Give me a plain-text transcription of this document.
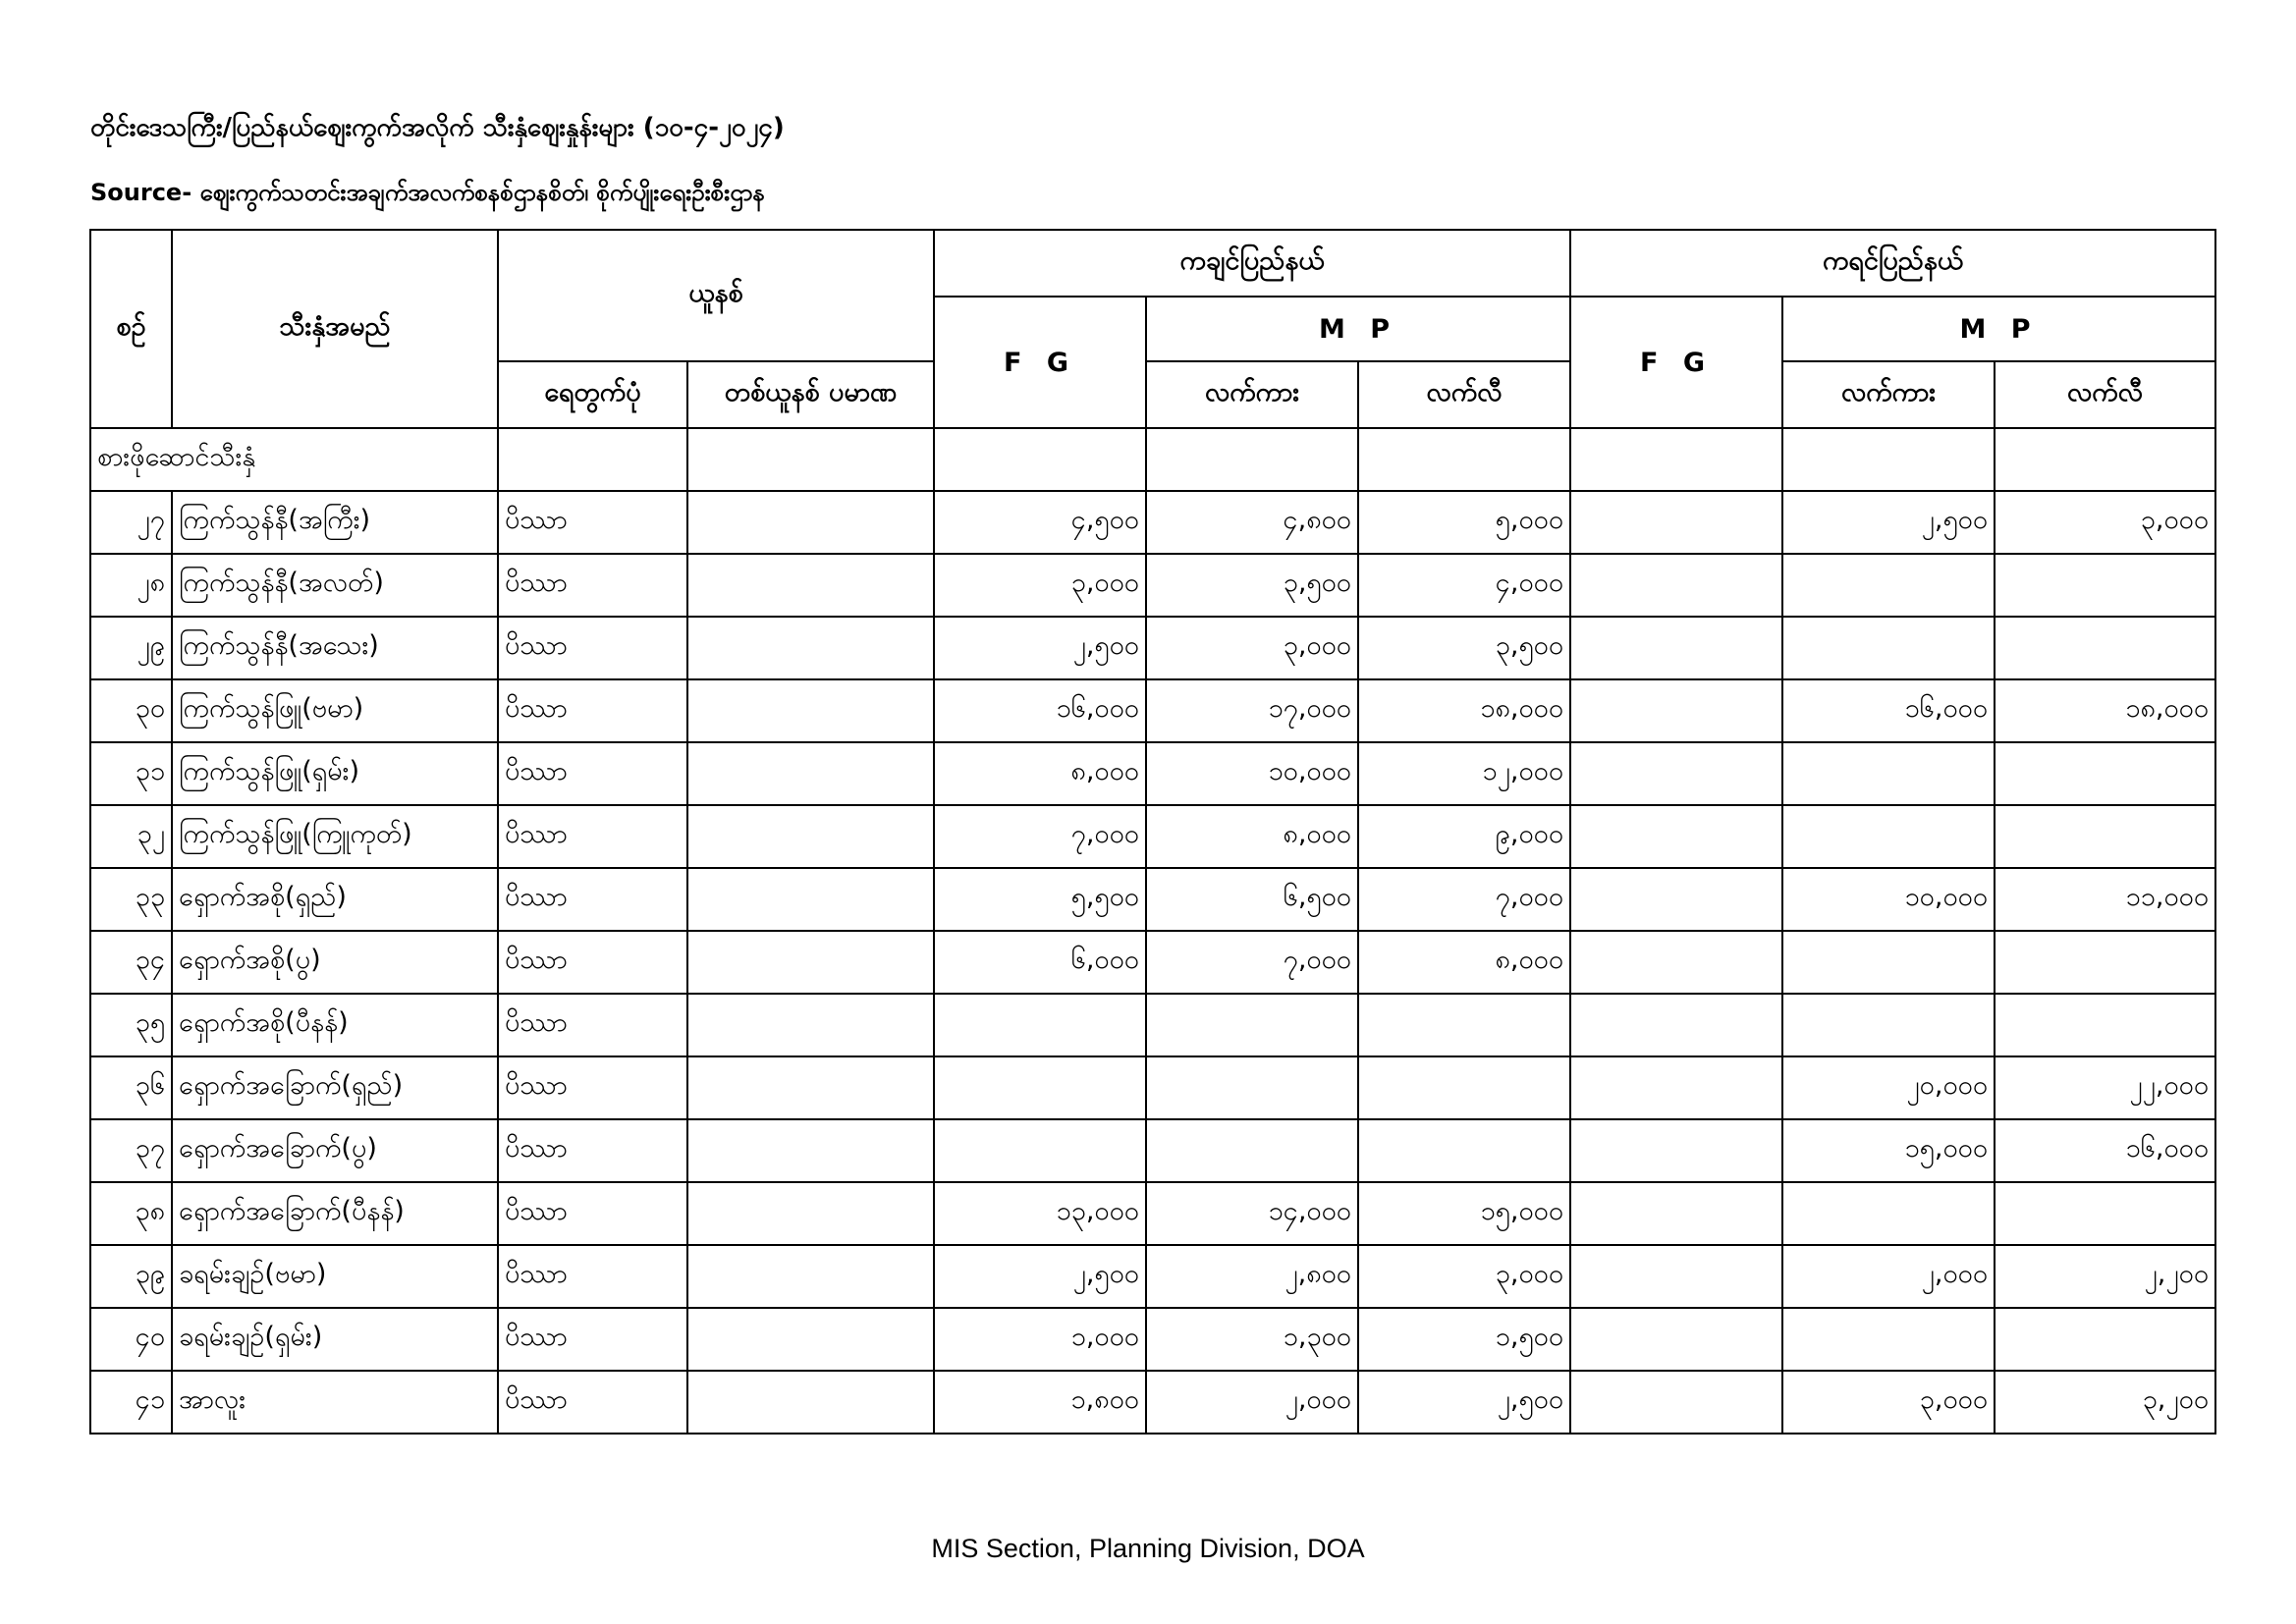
တိုင်းဒေသကြီး/ပြည်နယ်ဈေးကွက်အလိုက် သီးနှံဈေးနှုန်းများ (၁၀-၄-၂၀၂၄)
Source- ဈေးကွက်သတင်းအချက်အလက်စနစ်ဌာနစိတ်၊ စိုက်ပျိုးရေးဦးစီးဌာန
စဉ်	သီးနှံအမည်	ယူနစ်		ကချင်ပြည်နယ်			ကရင်ပြည်နယ်		
				F G	M P		F G	M P	
		ရေတွက်ပုံ	တစ်ယူနစ် ပမာဏ		လက်ကား	လက်လီ		လက်ကား	လက်လီ
စားဖိုဆောင်သီးနှံ									
၂၇	ကြက်သွန်နီ(အကြီး)	ပိဿာ		၄,၅၀၀	၄,၈၀၀	၅,၀၀၀		၂,၅၀၀	၃,၀၀၀
၂၈	ကြက်သွန်နီ(အလတ်)	ပိဿာ		၃,၀၀၀	၃,၅၀၀	၄,၀၀၀			
၂၉	ကြက်သွန်နီ(အသေး)	ပိဿာ		၂,၅၀၀	၃,၀၀၀	၃,၅၀၀			
၃၀	ကြက်သွန်ဖြူ(ဗမာ)	ပိဿာ		၁၆,၀၀၀	၁၇,၀၀၀	၁၈,၀၀၀		၁၆,၀၀၀	၁၈,၀၀၀
၃၁	ကြက်သွန်ဖြူ(ရှမ်း)	ပိဿာ		၈,၀၀၀	၁၀,၀၀၀	၁၂,၀၀၀			
၃၂	ကြက်သွန်ဖြူ(ကြူကုတ်)	ပိဿာ		၇,၀၀၀	၈,၀၀၀	၉,၀၀၀			
၃၃	ရှောက်အစို(ရှည်)	ပိဿာ		၅,၅၀၀	၆,၅၀၀	၇,၀၀၀		၁၀,၀၀၀	၁၁,၀၀၀
၃၄	ရှောက်အစို(ပွ)	ပိဿာ		၆,၀၀၀	၇,၀၀၀	၈,၀၀၀			
၃၅	ရှောက်အစို(ပီနန်)	ပိဿာ							
၃၆	ရှောက်အခြောက်(ရှည်)	ပိဿာ						၂၀,၀၀၀	၂၂,၀၀၀
၃၇	ရှောက်အခြောက်(ပွ)	ပိဿာ						၁၅,၀၀၀	၁၆,၀၀၀
၃၈	ရှောက်အခြောက်(ပီနန်)	ပိဿာ		၁၃,၀၀၀	၁၄,၀၀၀	၁၅,၀၀၀			
၃၉	ခရမ်းချဉ်(ဗမာ)	ပိဿာ		၂,၅၀၀	၂,၈၀၀	၃,၀၀၀		၂,၀၀၀	၂,၂၀၀
၄၀	ခရမ်းချဉ်(ရှမ်း)	ပိဿာ		၁,၀၀၀	၁,၃၀၀	၁,၅၀၀			
၄၁	အာလူး	ပိဿာ		၁,၈၀၀	၂,၀၀၀	၂,၅၀၀		၃,၀၀၀	၃,၂၀၀
MIS Section, Planning Division, DOA
